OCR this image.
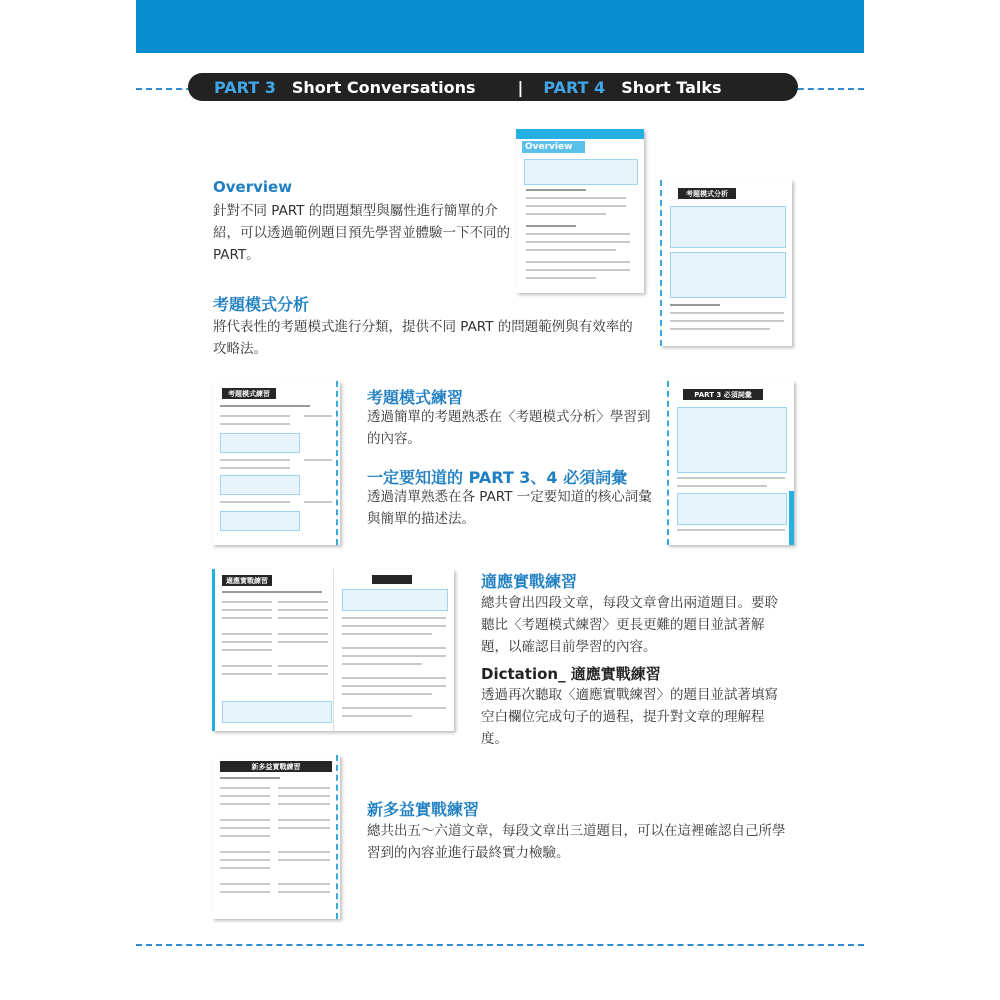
PART 3 Short Conversations	| PART 4 Short Talks
Overview
針對不同 PART 的問題類型與屬性進行簡單的介紹，可以透過範例題目預先學習並體驗一下不同的 PART。
Overview
考題模式分析
考題模式分析
將代表性的考題模式進行分類，提供不同 PART 的問題範例與有效率的攻略法。
考題模式練習	考題模式練習
透過簡單的考題熟悉在〈考題模式分析〉學習到的內容。
一定要知道的 PART 3、4 必須詞彙
透過清單熟悉在各 PART 一定要知道的核心詞彙與簡單的描述法。
PART 3 必須詞彙
適應實戰練習	適應實戰練習
總共會出四段文章，每段文章會出兩道題目。要聆聽比〈考題模式練習〉更長更難的題目並試著解題，以確認目前學習的內容。
Dictation_ 適應實戰練習
透過再次聽取〈適應實戰練習〉的題目並試著填寫空白欄位完成句子的過程，提升對文章的理解程度。
新多益實戰練習
新多益實戰練習
總共出五～六道文章，每段文章出三道題目，可以在這裡確認自己所學習到的內容並進行最終實力檢驗。
